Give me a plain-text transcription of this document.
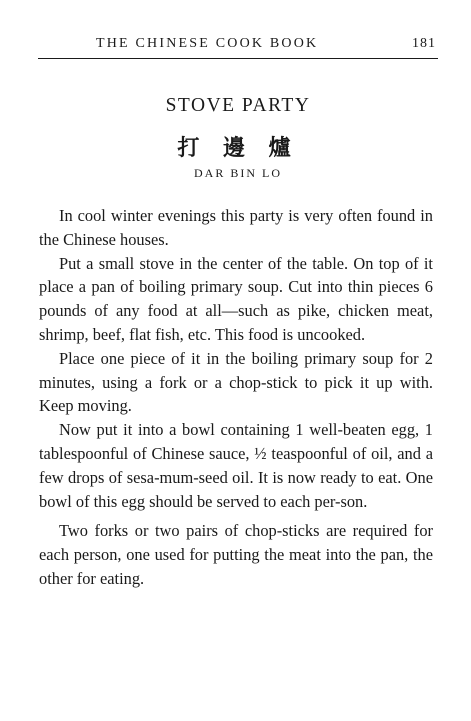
THE CHINESE COOK BOOK	181
STOVE PARTY
打 邊 爐
DAR BIN LO

In cool winter evenings this party is very often found in the Chinese houses.

Put a small stove in the center of the table. On top of it place a pan of boiling primary soup. Cut into thin pieces 6 pounds of any food at all—such as pike, chicken meat, shrimp, beef, flat fish, etc. This food is uncooked.

Place one piece of it in the boiling primary soup for 2 minutes, using a fork or a chop-stick to pick it up with. Keep moving.

Now put it into a bowl containing 1 well-beaten egg, 1 tablespoonful of Chinese sauce, ½ teaspoonful of oil, and a few drops of sesa-mum-seed oil. It is now ready to eat. One bowl of this egg should be served to each per-son.

Two forks or two pairs of chop-sticks are required for each person, one used for putting the meat into the pan, the other for eating.
